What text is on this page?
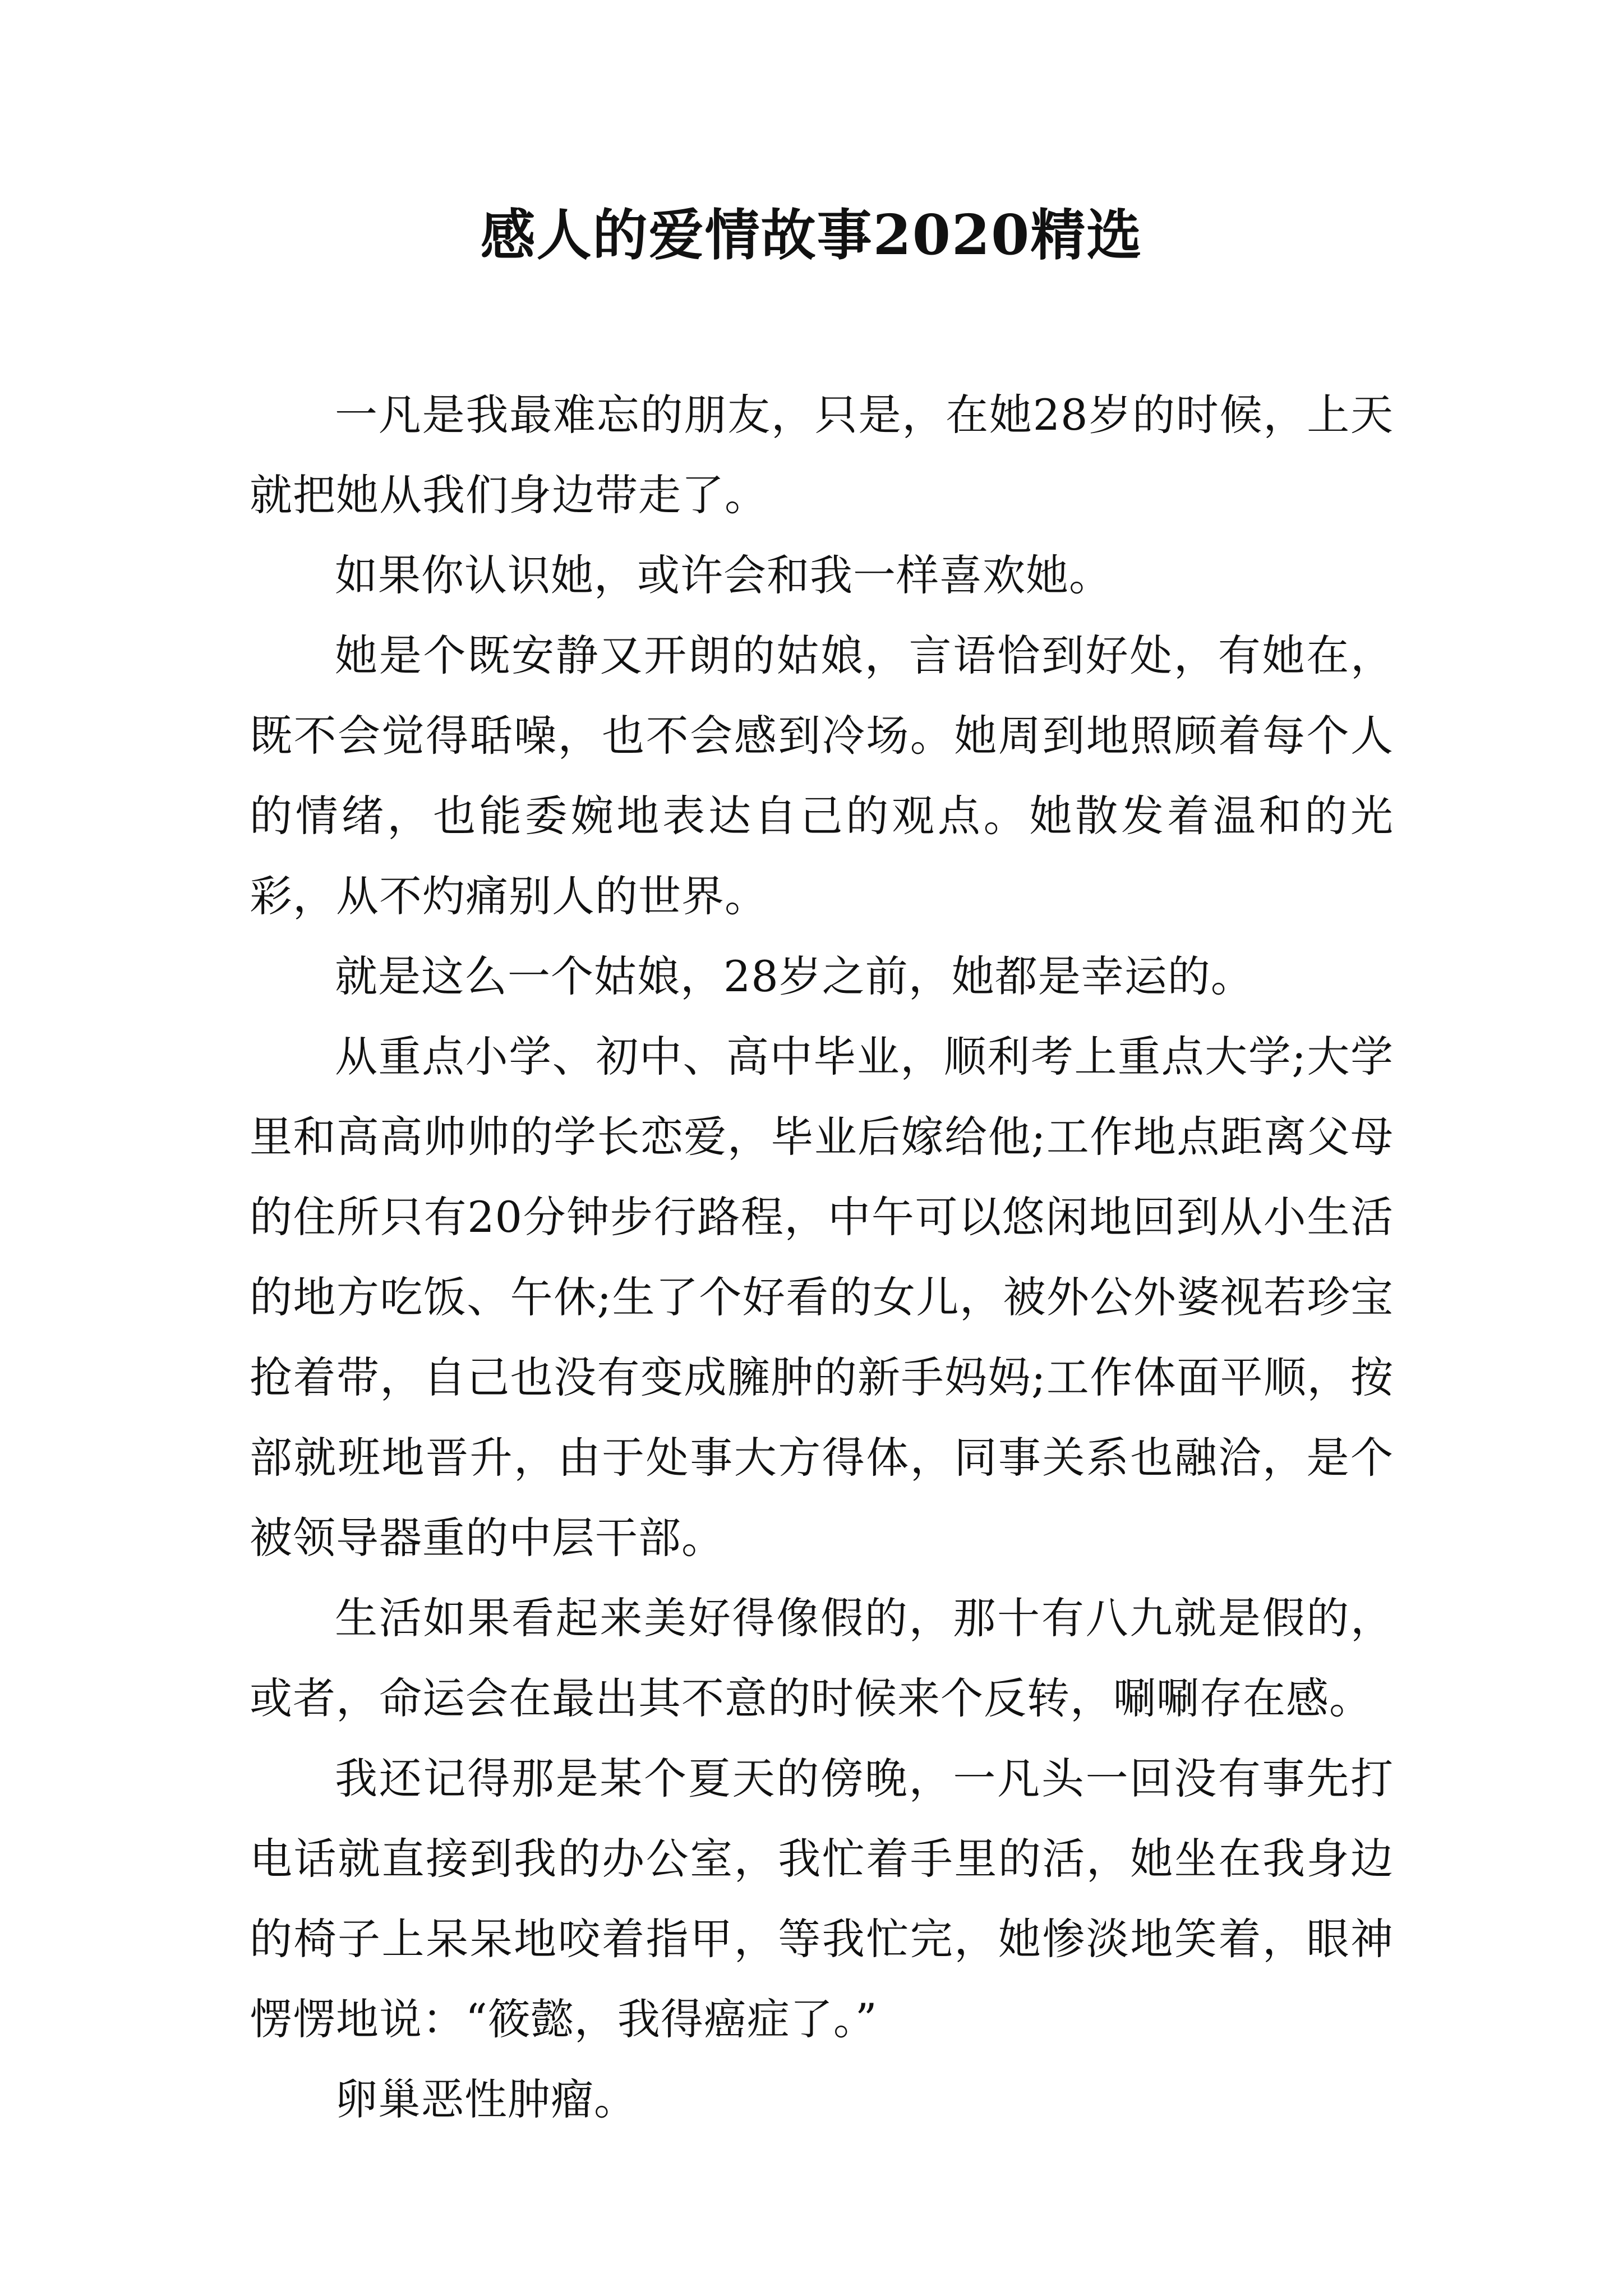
感人的爱情故事2020精选

一凡是我最难忘的朋友，只是，在她28岁的时候，上天就把她从我们身边带走了。

如果你认识她，或许会和我一样喜欢她。

她是个既安静又开朗的姑娘，言语恰到好处，有她在，既不会觉得聒噪，也不会感到冷场。她周到地照顾着每个人的情绪，也能委婉地表达自己的观点。她散发着温和的光彩，从不灼痛别人的世界。

就是这么一个姑娘，28岁之前，她都是幸运的。

从重点小学、初中、高中毕业，顺利考上重点大学;大学里和高高帅帅的学长恋爱，毕业后嫁给他;工作地点距离父母的住所只有20分钟步行路程，中午可以悠闲地回到从小生活的地方吃饭、午休;生了个好看的女儿，被外公外婆视若珍宝抢着带，自己也没有变成臃肿的新手妈妈;工作体面平顺，按部就班地晋升，由于处事大方得体，同事关系也融洽，是个被领导器重的中层干部。

生活如果看起来美好得像假的，那十有八九就是假的，或者，命运会在最出其不意的时候来个反转，唰唰存在感。

我还记得那是某个夏天的傍晚，一凡头一回没有事先打电话就直接到我的办公室，我忙着手里的活，她坐在我身边的椅子上呆呆地咬着指甲，等我忙完，她惨淡地笑着，眼神愣愣地说：“筱懿，我得癌症了。”

卵巢恶性肿瘤。
